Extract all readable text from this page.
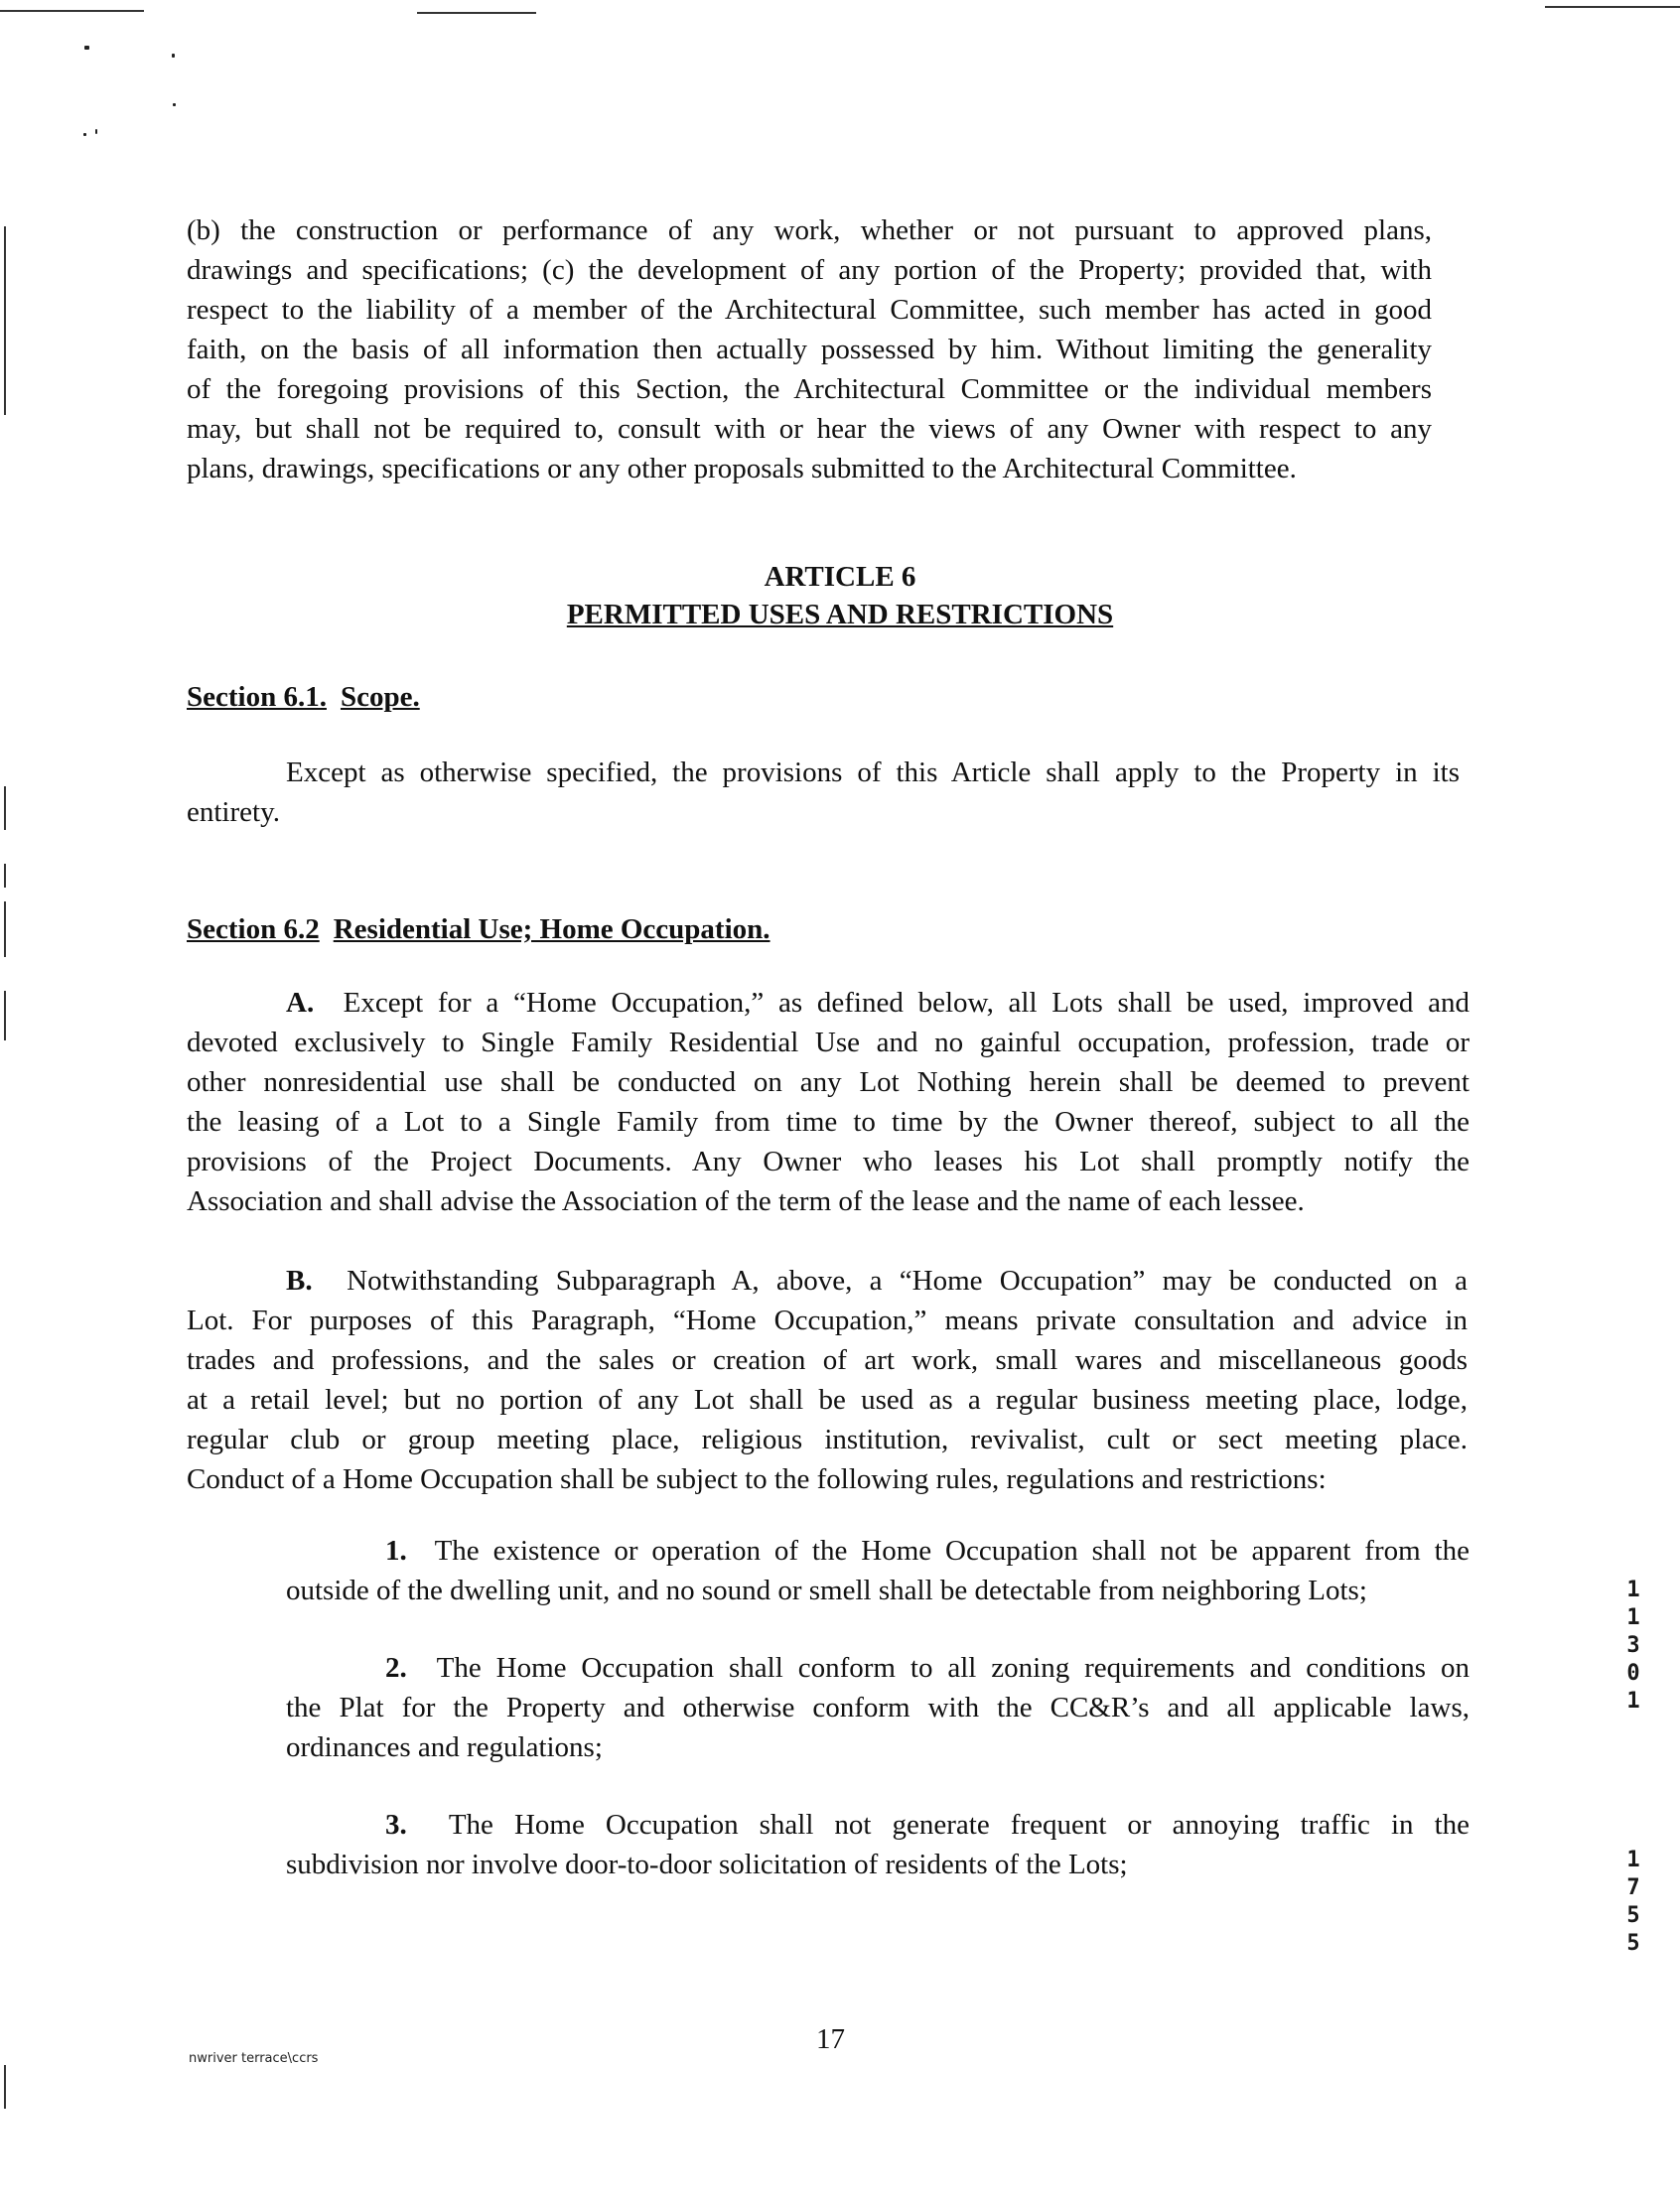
(b) the construction or performance of any work, whether or not pursuant to approved plans,
drawings and specifications; (c) the development of any portion of the Property; provided that, with
respect to the liability of a member of the Architectural Committee, such member has acted in good
faith, on the basis of all information then actually possessed by him. Without limiting the generality
of the foregoing provisions of this Section, the Architectural Committee or the individual members
may, but shall not be required to, consult with or hear the views of any Owner with respect to any
plans, drawings, specifications or any other proposals submitted to the Architectural Committee.
ARTICLE 6
PERMITTED USES AND RESTRICTIONS
Section 6.1. Scope.
Except as otherwise specified, the provisions of this Article shall apply to the Property in its
entirety.
Section 6.2 Residential Use; Home Occupation.
A. Except for a “Home Occupation,” as defined below, all Lots shall be used, improved and
devoted exclusively to Single Family Residential Use and no gainful occupation, profession, trade or
other nonresidential use shall be conducted on any Lot Nothing herein shall be deemed to prevent
the leasing of a Lot to a Single Family from time to time by the Owner thereof, subject to all the
provisions of the Project Documents. Any Owner who leases his Lot shall promptly notify the
Association and shall advise the Association of the term of the lease and the name of each lessee.
B. Notwithstanding Subparagraph A, above, a “Home Occupation” may be conducted on a
Lot. For purposes of this Paragraph, “Home Occupation,” means private consultation and advice in
trades and professions, and the sales or creation of art work, small wares and miscellaneous goods
at a retail level; but no portion of any Lot shall be used as a regular business meeting place, lodge,
regular club or group meeting place, religious institution, revivalist, cult or sect meeting place.
Conduct of a Home Occupation shall be subject to the following rules, regulations and restrictions:
1. The existence or operation of the Home Occupation shall not be apparent from the
outside of the dwelling unit, and no sound or smell shall be detectable from neighboring Lots;
2. The Home Occupation shall conform to all zoning requirements and conditions on
the Plat for the Property and otherwise conform with the CC&R’s and all applicable laws,
ordinances and regulations;
3. The Home Occupation shall not generate frequent or annoying traffic in the
subdivision nor involve door-to-door solicitation of residents of the Lots;
nwriver terrace\ccrs
17
1
1
3
0
1
1
7
5
5
